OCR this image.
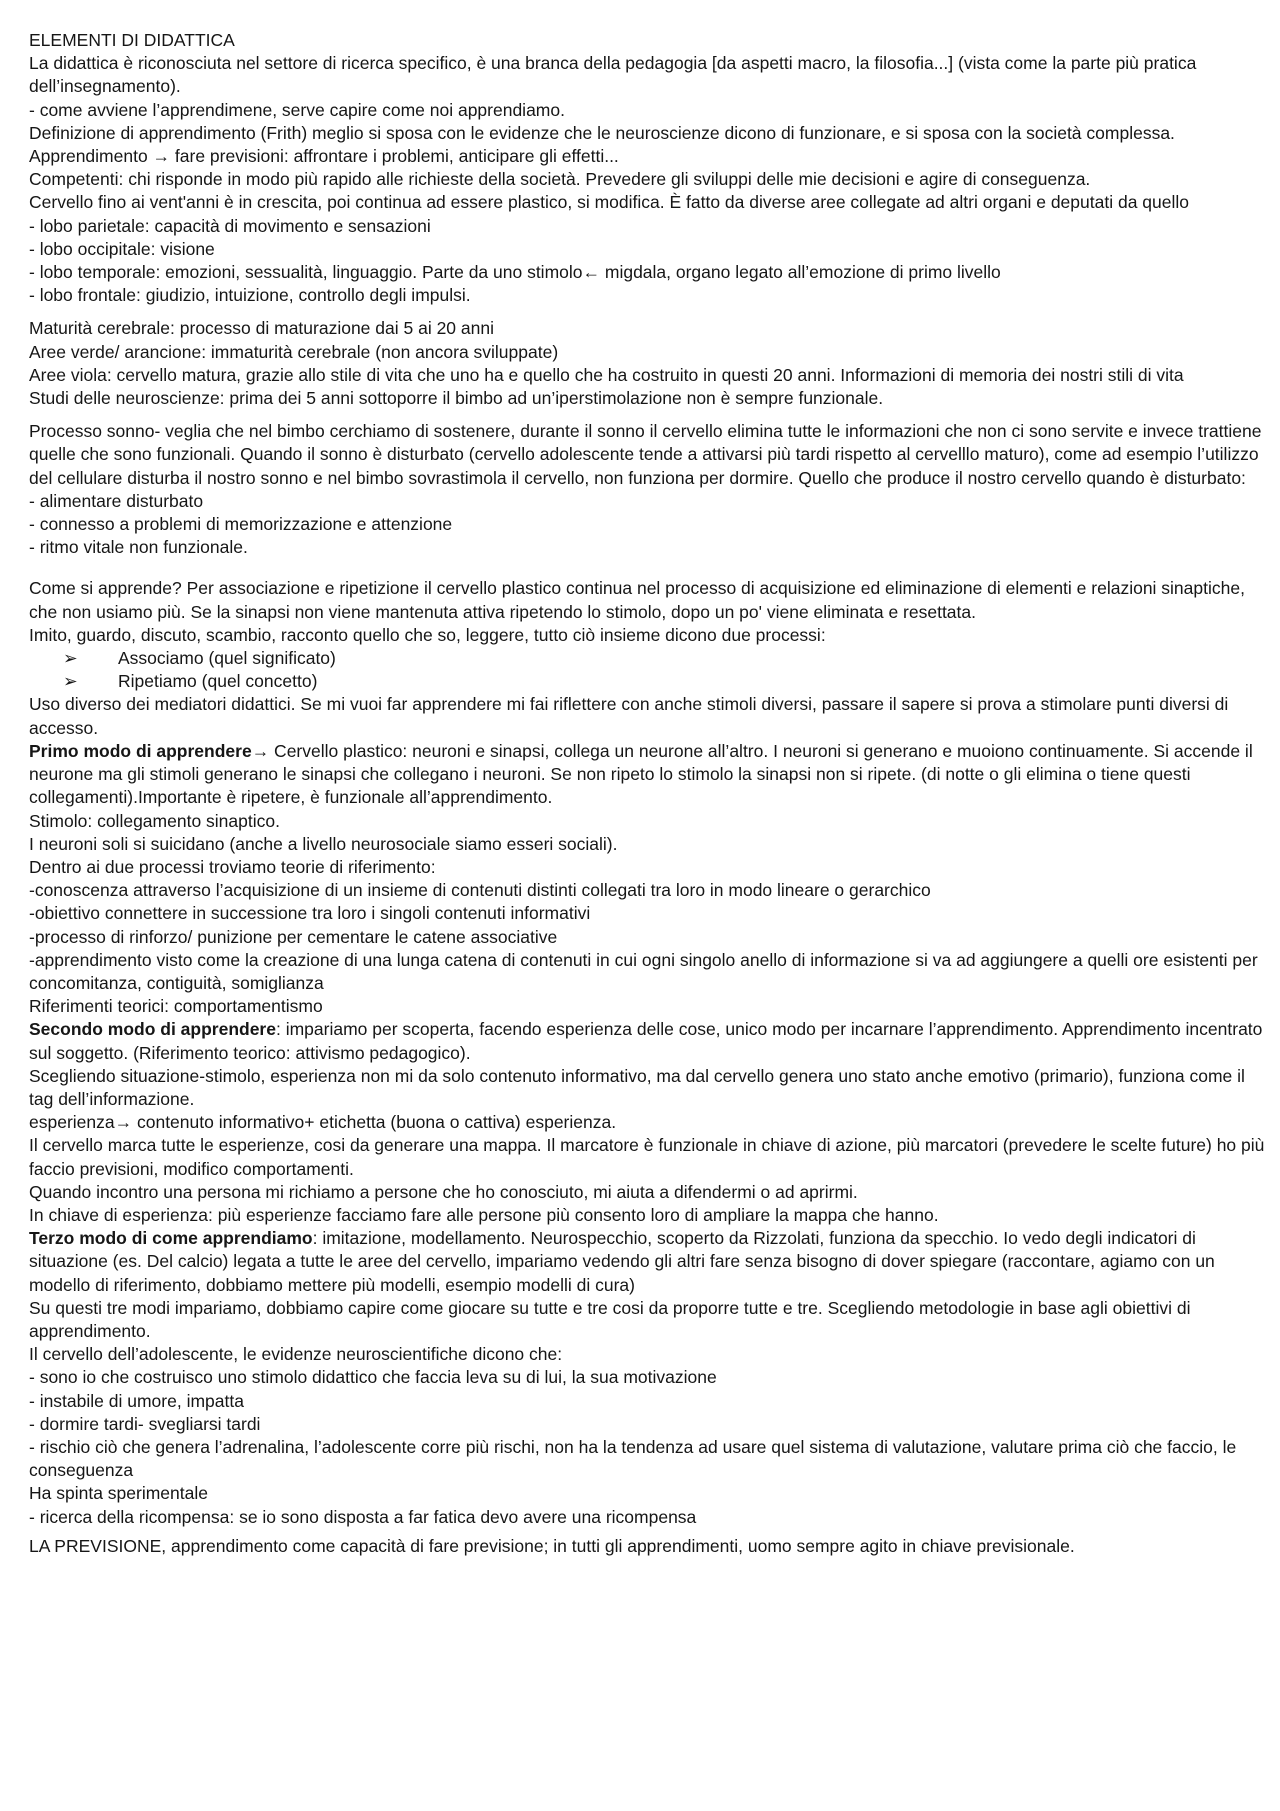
ELEMENTI DI DIDATTICA
La didattica è riconosciuta nel settore di ricerca specifico, è una branca della pedagogia [da aspetti macro, la filosofia...] (vista come la parte più pratica dell’insegnamento).
- come avviene l’apprendimene, serve capire come noi apprendiamo.
Definizione di apprendimento (Frith) meglio si sposa con le evidenze che le neuroscienze dicono di funzionare, e si sposa con la società complessa. Apprendimento → fare previsioni: affrontare i problemi, anticipare gli effetti...
Competenti: chi risponde in modo più rapido alle richieste della società. Prevedere gli sviluppi delle mie decisioni e agire di conseguenza.
Cervello fino ai vent'anni è in crescita, poi continua ad essere plastico, si modifica. È fatto da diverse aree collegate ad altri organi e deputati da quello
- lobo parietale: capacità di movimento e sensazioni
- lobo occipitale: visione
- lobo temporale: emozioni, sessualità, linguaggio. Parte da uno stimolo← migdala, organo legato all’emozione di primo livello
- lobo frontale: giudizio, intuizione, controllo degli impulsi.
Maturità cerebrale: processo di maturazione dai 5 ai 20 anni
Aree verde/ arancione: immaturità cerebrale (non ancora sviluppate)
Aree viola: cervello matura, grazie allo stile di vita che uno ha e quello che ha costruito in questi 20 anni. Informazioni di memoria dei nostri stili di vita
Studi delle neuroscienze: prima dei 5 anni sottoporre il bimbo ad un’iperstimolazione non è sempre funzionale.
Processo sonno- veglia che nel bimbo cerchiamo di sostenere, durante il sonno il cervello elimina tutte le informazioni che non ci sono servite e invece trattiene quelle che sono funzionali. Quando il sonno è disturbato (cervello adolescente tende a attivarsi più tardi rispetto al cervelllo maturo), come ad esempio l’utilizzo del cellulare disturba il nostro sonno e nel bimbo sovrastimola il cervello, non funziona per dormire. Quello che produce il nostro cervello quando è disturbato:
- alimentare disturbato
- connesso a problemi di memorizzazione e attenzione
- ritmo vitale non funzionale.
Come si apprende? Per associazione e ripetizione il cervello plastico continua nel processo di acquisizione ed eliminazione di elementi e relazioni sinaptiche, che non usiamo più. Se la sinapsi non viene mantenuta attiva ripetendo lo stimolo, dopo un po' viene eliminata e resettata.
Imito, guardo, discuto, scambio, racconto quello che so, leggere, tutto ciò insieme dicono due processi:
➢ Associamo (quel significato)
➢ Ripetiamo (quel concetto)
Uso diverso dei mediatori didattici. Se mi vuoi far apprendere mi fai riflettere con anche stimoli diversi, passare il sapere si prova a stimolare punti diversi di accesso.
Primo modo di apprendere→ Cervello plastico: neuroni e sinapsi, collega un neurone all’altro. I neuroni si generano e muoiono continuamente. Si accende il neurone ma gli stimoli generano le sinapsi che collegano i neuroni. Se non ripeto lo stimolo la sinapsi non si ripete. (di notte o gli elimina o tiene questi collegamenti).Importante è ripetere, è funzionale all’apprendimento.
Stimolo: collegamento sinaptico.
I neuroni soli si suicidano (anche a livello neurosociale siamo esseri sociali).
Dentro ai due processi troviamo teorie di riferimento:
-conoscenza attraverso l’acquisizione di un insieme di contenuti distinti collegati tra loro in modo lineare o gerarchico
-obiettivo connettere in successione tra loro i singoli contenuti informativi
-processo di rinforzo/ punizione per cementare le catene associative
-apprendimento visto come la creazione di una lunga catena di contenuti in cui ogni singolo anello di informazione si va ad aggiungere a quelli ore esistenti per concomitanza, contiguità, somiglianza
Riferimenti teorici: comportamentismo
Secondo modo di apprendere: impariamo per scoperta, facendo esperienza delle cose, unico modo per incarnare l’apprendimento. Apprendimento incentrato sul soggetto. (Riferimento teorico: attivismo pedagogico).
Scegliendo situazione-stimolo, esperienza non mi da solo contenuto informativo, ma dal cervello genera uno stato anche emotivo (primario), funziona come il tag dell’informazione.
esperienza→ contenuto informativo+ etichetta (buona o cattiva) esperienza.
Il cervello marca tutte le esperienze, cosi da generare una mappa. Il marcatore è funzionale in chiave di azione, più marcatori (prevedere le scelte future) ho più faccio previsioni, modifico comportamenti.
Quando incontro una persona mi richiamo a persone che ho conosciuto, mi aiuta a difendermi o ad aprirmi.
In chiave di esperienza: più esperienze facciamo fare alle persone più consento loro di ampliare la mappa che hanno.
Terzo modo di come apprendiamo: imitazione, modellamento. Neurospecchio, scoperto da Rizzolati, funziona da specchio. Io vedo degli indicatori di situazione (es. Del calcio) legata a tutte le aree del cervello, impariamo vedendo gli altri fare senza bisogno di dover spiegare (raccontare, agiamo con un modello di riferimento, dobbiamo mettere più modelli, esempio modelli di cura)
Su questi tre modi impariamo, dobbiamo capire come giocare su tutte e tre cosi da proporre tutte e tre. Scegliendo metodologie in base agli obiettivi di apprendimento.
Il cervello dell’adolescente, le evidenze neuroscientifiche dicono che:
- sono io che costruisco uno stimolo didattico che faccia leva su di lui, la sua motivazione
- instabile di umore, impatta
- dormire tardi- svegliarsi tardi
- rischio ciò che genera l’adrenalina, l’adolescente corre più rischi, non ha la tendenza ad usare quel sistema di valutazione, valutare prima ciò che faccio, le conseguenza
Ha spinta sperimentale
- ricerca della ricompensa: se io sono disposta a far fatica devo avere una ricompensa
LA PREVISIONE, apprendimento come capacità di fare previsione; in tutti gli apprendimenti, uomo sempre agito in chiave previsionale.
